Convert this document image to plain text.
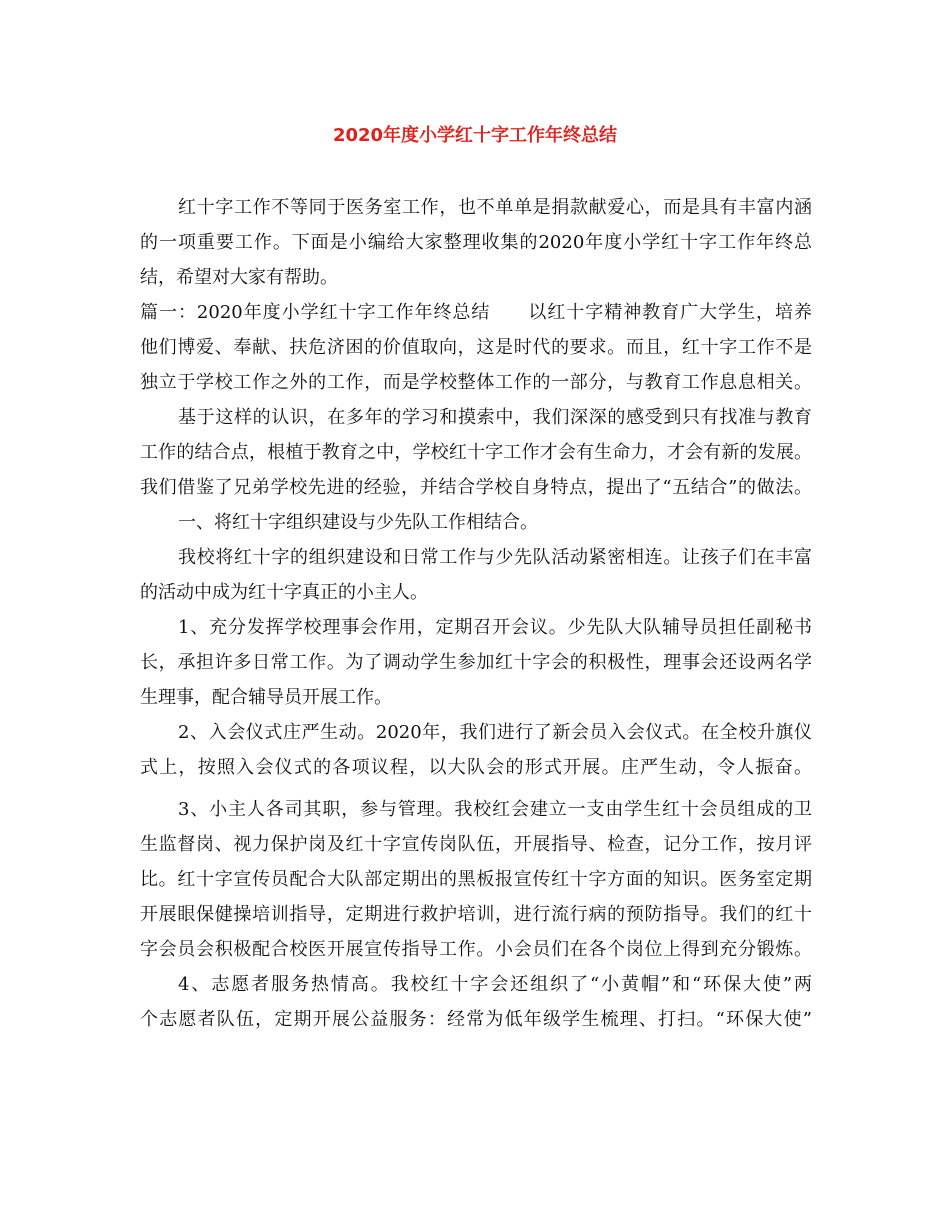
2020年度小学红十字工作年终总结
红十字工作不等同于医务室工作，也不单单是捐款献爱心，而是具有丰富内涵
的一项重要工作。下面是小编给大家整理收集的2020年度小学红十字工作年终总
结，希望对大家有帮助。
篇一：2020年度小学红十字工作年终总结　　以红十字精神教育广大学生，培养
他们博爱、奉献、扶危济困的价值取向，这是时代的要求。而且，红十字工作不是
独立于学校工作之外的工作，而是学校整体工作的一部分，与教育工作息息相关。
基于这样的认识，在多年的学习和摸索中，我们深深的感受到只有找准与教育
工作的结合点，根植于教育之中，学校红十字工作才会有生命力，才会有新的发展。
我们借鉴了兄弟学校先进的经验，并结合学校自身特点，提出了“五结合”的做法。
一、将红十字组织建设与少先队工作相结合。
我校将红十字的组织建设和日常工作与少先队活动紧密相连。让孩子们在丰富
的活动中成为红十字真正的小主人。
1、充分发挥学校理事会作用，定期召开会议。少先队大队辅导员担任副秘书
长，承担许多日常工作。为了调动学生参加红十字会的积极性，理事会还设两名学
生理事，配合辅导员开展工作。
2、入会仪式庄严生动。2020年，我们进行了新会员入会仪式。在全校升旗仪
式上，按照入会仪式的各项议程，以大队会的形式开展。庄严生动，令人振奋。
3、小主人各司其职，参与管理。我校红会建立一支由学生红十会员组成的卫
生监督岗、视力保护岗及红十字宣传岗队伍，开展指导、检查，记分工作，按月评
比。红十字宣传员配合大队部定期出的黑板报宣传红十字方面的知识。医务室定期
开展眼保健操培训指导，定期进行救护培训，进行流行病的预防指导。我们的红十
字会员会积极配合校医开展宣传指导工作。小会员们在各个岗位上得到充分锻炼。
4、志愿者服务热情高。我校红十字会还组织了“小黄帽”和“环保大使”两
个志愿者队伍，定期开展公益服务：经常为低年级学生梳理、打扫。“环保大使”
